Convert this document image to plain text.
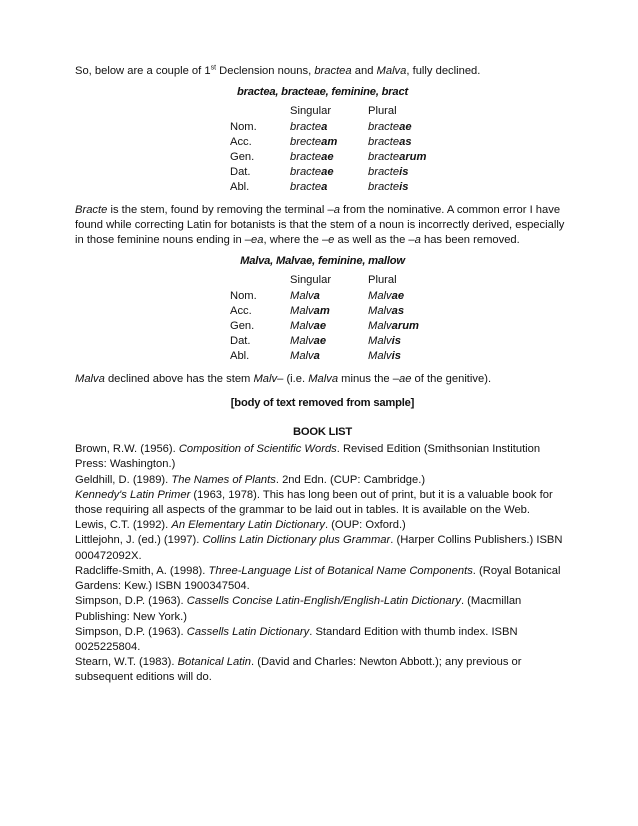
So, below are a couple of 1st Declension nouns, bractea and Malva, fully declined.

bractea, bracteae, feminine, bract
	Singular	Plural
Nom.	bractea	bracteae
Acc.	brecteam	bracteas
Gen.	bracteae	bractearum
Dat.	bracteae	bracteis
Abl.	bractea	bracteis

Bracte is the stem, found by removing the terminal –a from the nominative. A common error I have found while correcting Latin for botanists is that the stem of a noun is incorrectly derived, especially in those feminine nouns ending in –ea, where the –e as well as the –a has been removed.

Malva, Malvae, feminine, mallow
	Singular	Plural
Nom.	Malva	Malvae
Acc.	Malvam	Malvas
Gen.	Malvae	Malvarum
Dat.	Malvae	Malvis
Abl.	Malva	Malvis

Malva declined above has the stem Malv– (i.e. Malva minus the –ae of the genitive).

[body of text removed from sample]
BOOK LIST

Brown, R.W. (1956). Composition of Scientific Words. Revised Edition (Smithsonian Institution Press: Washington.)

Geldhill, D. (1989). The Names of Plants. 2nd Edn. (CUP: Cambridge.)

Kennedy's Latin Primer (1963, 1978). This has long been out of print, but it is a valuable book for those requiring all aspects of the grammar to be laid out in tables. It is available on the Web.

Lewis, C.T. (1992). An Elementary Latin Dictionary. (OUP: Oxford.)

Littlejohn, J. (ed.) (1997). Collins Latin Dictionary plus Grammar. (Harper Collins Publishers.) ISBN 000472092X.

Radcliffe-Smith, A. (1998). Three-Language List of Botanical Name Components. (Royal Botanical Gardens: Kew.) ISBN 1900347504.

Simpson, D.P. (1963). Cassells Concise Latin-English/English-Latin Dictionary. (Macmillan Publishing: New York.)

Simpson, D.P. (1963). Cassells Latin Dictionary. Standard Edition with thumb index. ISBN 0025225804.

Stearn, W.T. (1983). Botanical Latin. (David and Charles: Newton Abbott.); any previous or subsequent editions will do.
